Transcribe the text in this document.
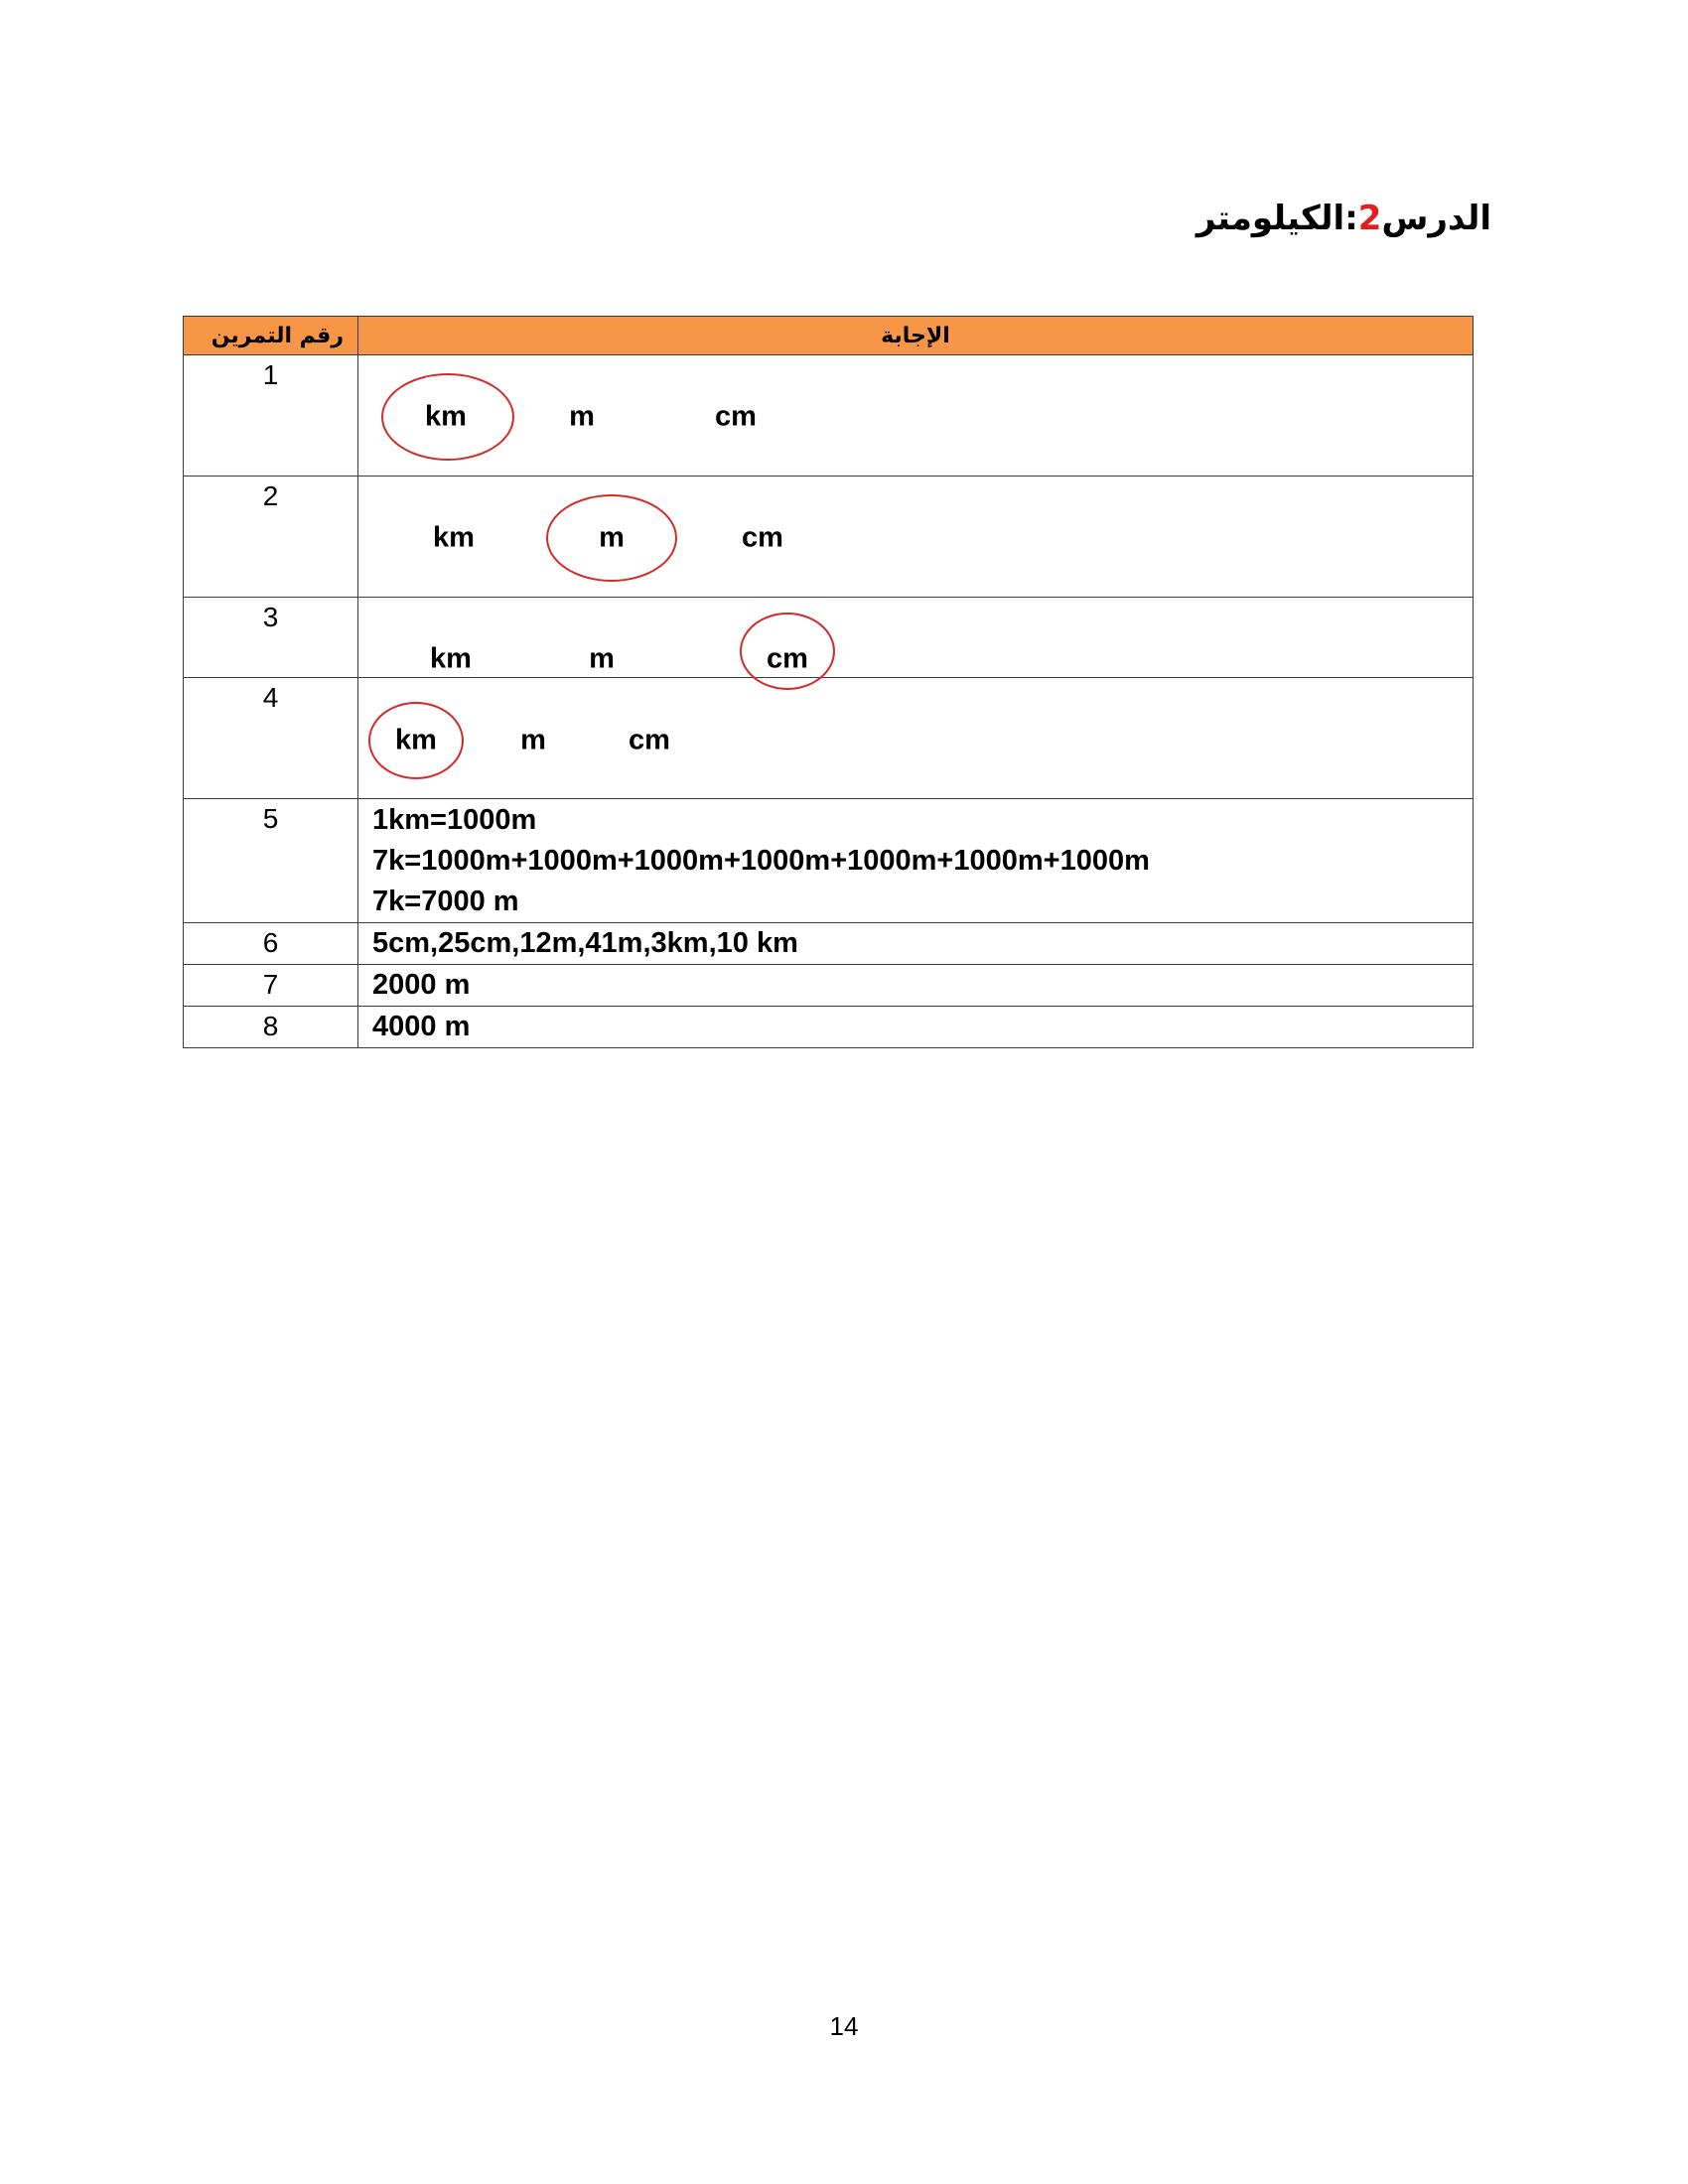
الدرس2:الكيلومتر
رقم التمرين	الإجابة
1	km m cm

2	km m cm

3	km m cm

4	km m cm

5	1km=1000m
7k=1000m+1000m+1000m+1000m+1000m+1000m+1000m
7k=7000 m

6	5cm,25cm,12m,41m,3km,10 km

7	2000 m

8	4000 m
14
